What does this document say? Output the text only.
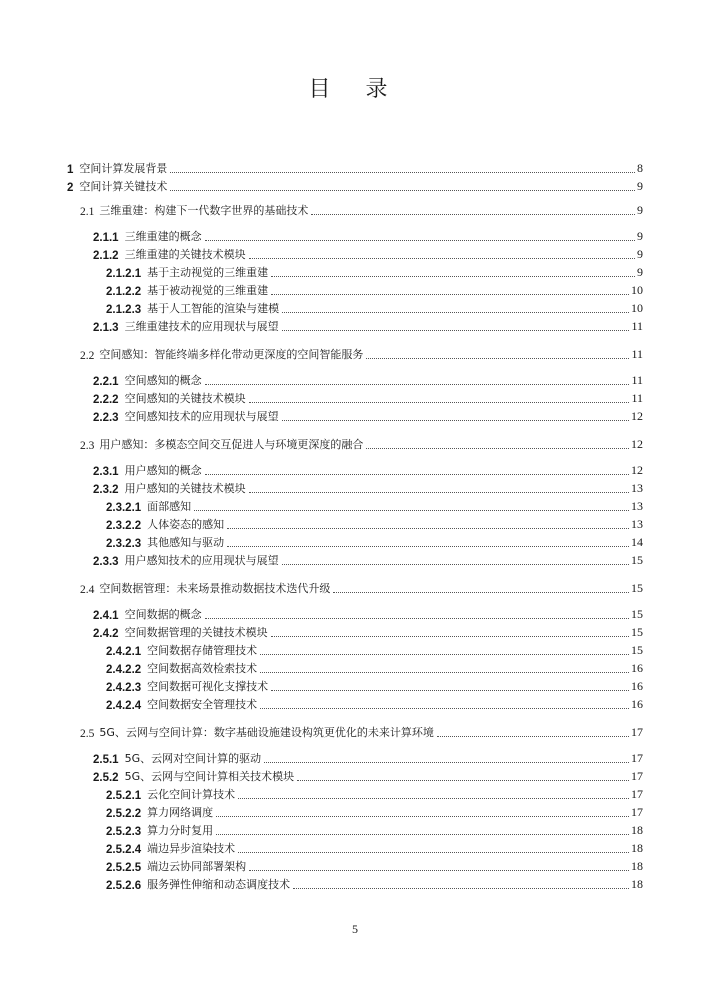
目 录
1 空间计算发展背景	8
2 空间计算关键技术	9
2.1 三维重建：构建下一代数字世界的基础技术	9
2.1.1 三维重建的概念	9
2.1.2 三维重建的关键技术模块	9
2.1.2.1 基于主动视觉的三维重建	9
2.1.2.2 基于被动视觉的三维重建	10
2.1.2.3 基于人工智能的渲染与建模	10
2.1.3 三维重建技术的应用现状与展望	11
2.2 空间感知：智能终端多样化带动更深度的空间智能服务	11
2.2.1 空间感知的概念	11
2.2.2 空间感知的关键技术模块	11
2.2.3 空间感知技术的应用现状与展望	12
2.3 用户感知：多模态空间交互促进人与环境更深度的融合	12
2.3.1 用户感知的概念	12
2.3.2 用户感知的关键技术模块	13
2.3.2.1 面部感知	13
2.3.2.2 人体姿态的感知	13
2.3.2.3 其他感知与驱动	14
2.3.3 用户感知技术的应用现状与展望	15
2.4 空间数据管理：未来场景推动数据技术迭代升级	15
2.4.1 空间数据的概念	15
2.4.2 空间数据管理的关键技术模块	15
2.4.2.1 空间数据存储管理技术	15
2.4.2.2 空间数据高效检索技术	16
2.4.2.3 空间数据可视化支撑技术	16
2.4.2.4 空间数据安全管理技术	16
2.5 5G、云网与空间计算：数字基础设施建设构筑更优化的未来计算环境	17
2.5.1 5G、云网对空间计算的驱动	17
2.5.2 5G、云网与空间计算相关技术模块	17
2.5.2.1 云化空间计算技术	17
2.5.2.2 算力网络调度	17
2.5.2.3 算力分时复用	18
2.5.2.4 端边异步渲染技术	18
2.5.2.5 端边云协同部署架构	18
2.5.2.6 服务弹性伸缩和动态调度技术	18
5
